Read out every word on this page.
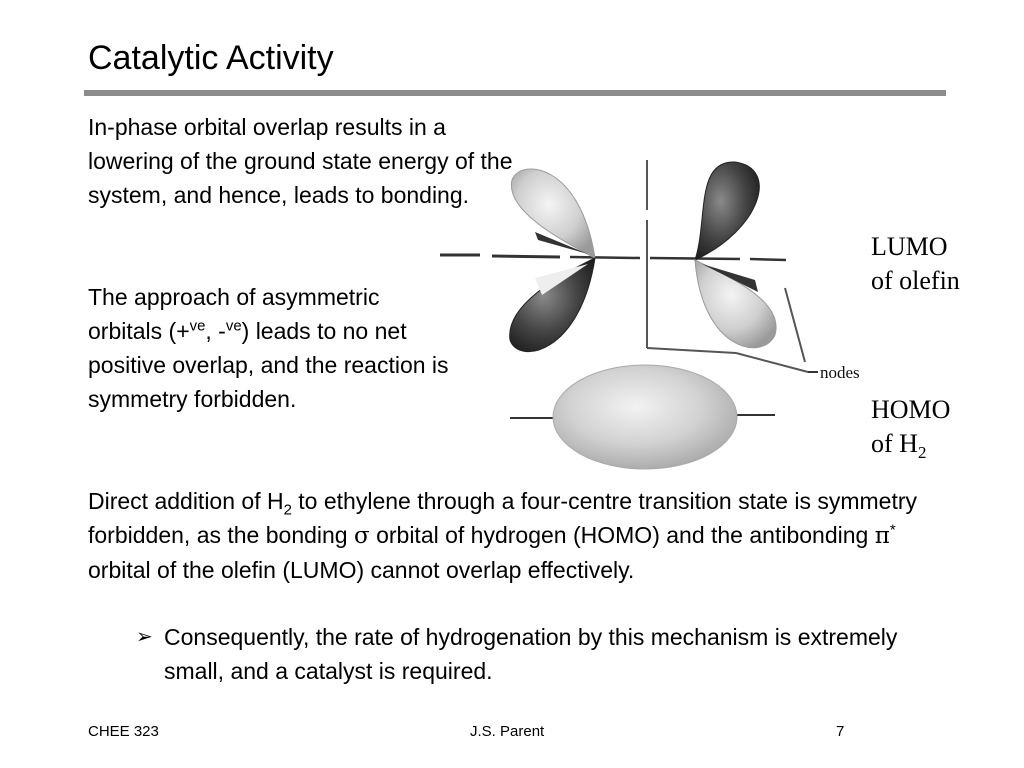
Catalytic Activity
In-phase orbital overlap results in a lowering of the ground state energy of the system, and hence, leads to bonding.
The approach of asymmetric orbitals (+$^{ve}$, -$^{ve}$) leads to no net positive overlap, and the reaction is symmetry forbidden.
Direct addition of $H_2$ to ethylene through a four-centre transition state is symmetry forbidden, as the bonding σ orbital of hydrogen (HOMO) and the antibonding π* orbital of the olefin (LUMO) cannot overlap effectively.
➢ Consequently, the rate of hydrogenation by this mechanism is extremely small, and a catalyst is required.
LUMO
of olefin
HOMO
of $H_2$
nodes
CHEE 323	J.S. Parent	7
